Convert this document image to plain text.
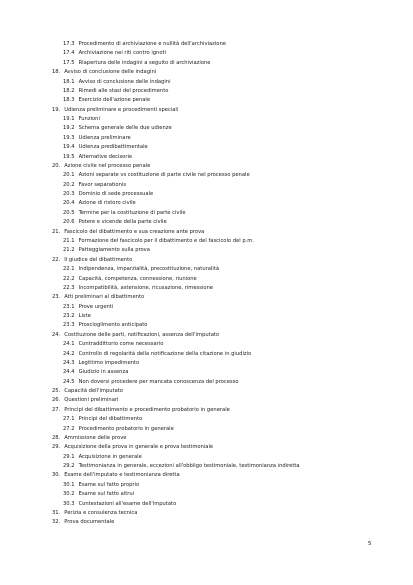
17.3 Procedimento di archiviazione e nullità dell'archiviazione
17.4 Archiviazione nei riti contro ignoti
17.5 Riapertura delle indagini a seguito di archiviazione
18. Avviso di conclusione delle indagini
18.1 Avviso di conclusione delle indagini
18.2 Rimedi alle stasi del procedimento
18.3 Esercizio dell'azione penale
19. Udienza preliminare e procedimenti speciali
19.1 Funzioni
19.2 Schema generale delle due udienze
19.3 Udienza preliminare
19.4 Udienza predibattimentale
19.5 Alternative decisorie
20. Azione civile nel processo penale
20.1 Azioni separate vs costituzione di parte civile nel processo penale
20.2 Favor separationis
20.3 Dominio di sede processuale
20.4 Azione di ristoro civile
20.5 Termine per la costituzione di parte civile
20.6 Potere e vicende della parte civile
21. Fascicolo del dibattimento e sua creazione ante prova
21.1 Formazione del fascicolo per il dibattimento e del fascicolo del p.m.
21.2 Patteggiamento sulla prova
22. Il giudice del dibattimento
22.1 Indipendenza, imparzialità, precostituzione, naturalità
22.2 Capacità, competenza, connessione, riunione
22.3 Incompatibilità, astensione, ricusazione, rimessione
23. Atti preliminari al dibattimento
23.1 Prove urgenti
23.2 Liste
23.3 Proscioglimento anticipato
24. Costituzione delle parti, notificazioni, assenza dell'imputato
24.1 Contraddittorio come necessario
24.2 Controllo di regolarità della notificazione della citazione in giudizio
24.3 Legittimo impedimento
24.4 Giudizio in assenza
24.5 Non doversi procedere per mancata conoscenza del processo
25. Capacità dell'imputato
26. Questioni preliminari
27. Principi del dibattimento e procedimento probatorio in generale
27.1 Principi del dibattimento
27.2 Procedimento probatorio in generale
28. Ammissione delle prove
29. Acquisizione della prova in generale e prova testimoniale
29.1 Acquisizione in generale
29.2 Testimonianza in generale, eccezioni all'obbligo testimoniale, testimonianza indiretta
30. Esame dell'imputato e testimonianza diretta
30.1 Esame sul fatto proprio
30.2 Esame sul fatto altrui
30.3 Contestazioni all'esame dell'imputato
31. Perizia e consulenza tecnica
32. Prova documentale
5
